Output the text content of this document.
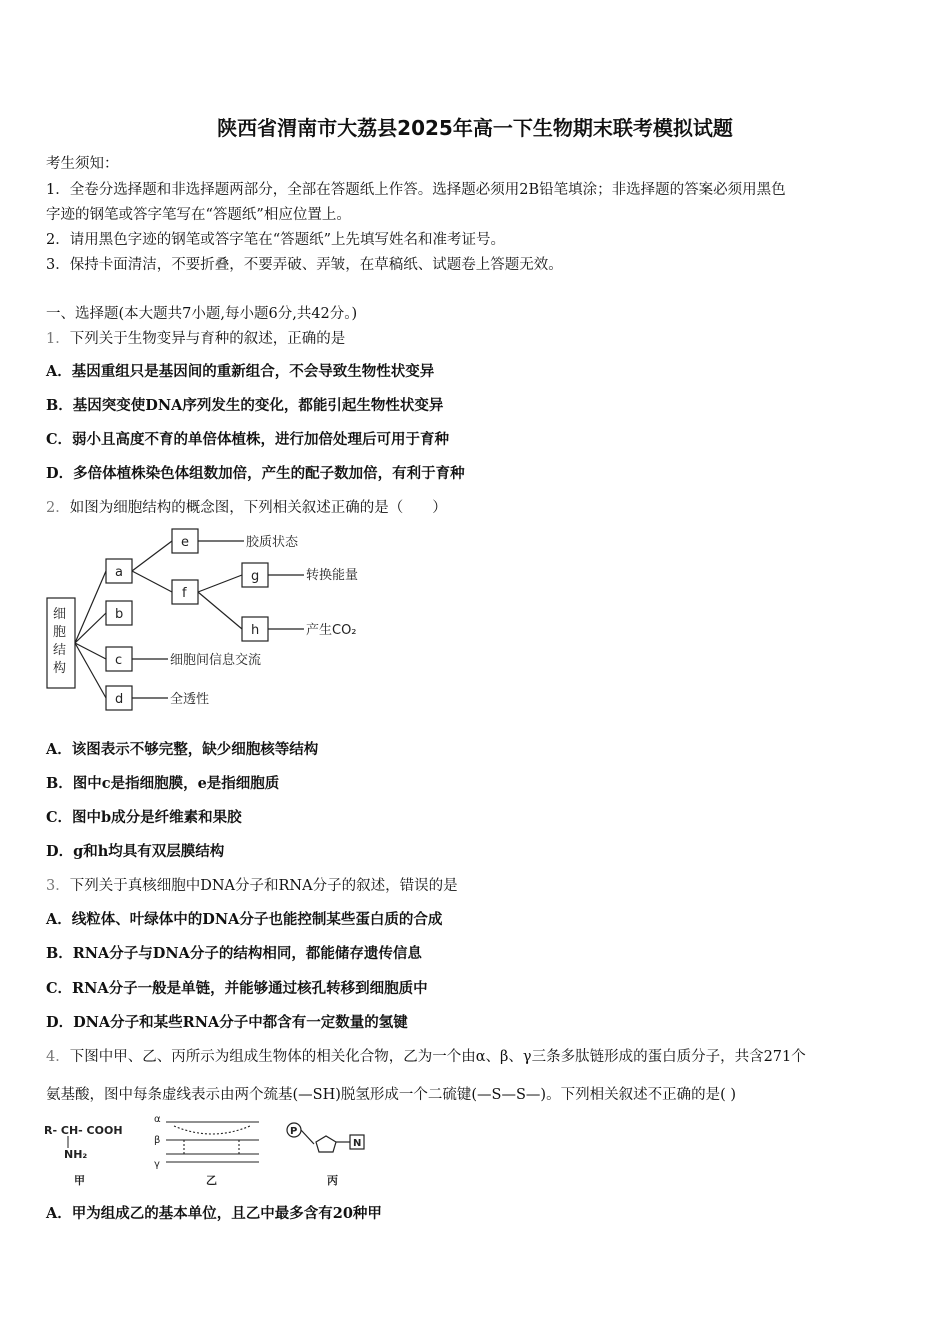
陕西省渭南市大荔县2025年高一下生物期末联考模拟试题
考生须知：
1．全卷分选择题和非选择题两部分，全部在答题纸上作答。选择题必须用2B铅笔填涂；非选择题的答案必须用黑色
字迹的钢笔或答字笔写在“答题纸”相应位置上。
2．请用黑色字迹的钢笔或答字笔在“答题纸”上先填写姓名和准考证号。
3．保持卡面清洁，不要折叠，不要弄破、弄皱，在草稿纸、试题卷上答题无效。
一、选择题(本大题共7小题,每小题6分,共42分。)
1．下列关于生物变异与育种的叙述，正确的是
A．基因重组只是基因间的重新组合，不会导致生物性状变异
B．基因突变使DNA序列发生的变化，都能引起生物性状变异
C．弱小且高度不育的单倍体植株，进行加倍处理后可用于育种
D．多倍体植株染色体组数加倍，产生的配子数加倍，有利于育种
2．如图为细胞结构的概念图，下列相关叙述正确的是（　　）
细
胞
结
构
a
b
c
d
e
f
g
h
胶质状态
转换能量
产生CO₂
细胞间信息交流
全透性
A．该图表示不够完整，缺少细胞核等结构
B．图中c是指细胞膜，e是指细胞质
C．图中b成分是纤维素和果胶
D．g和h均具有双层膜结构
3．下列关于真核细胞中DNA分子和RNA分子的叙述，错误的是
A．线粒体、叶绿体中的DNA分子也能控制某些蛋白质的合成
B．RNA分子与DNA分子的结构相同，都能储存遗传信息
C．RNA分子一般是单链，并能够通过核孔转移到细胞质中
D．DNA分子和某些RNA分子中都含有一定数量的氢键
4．下图中甲、乙、丙所示为组成生物体的相关化合物，乙为一个由α、β、γ三条多肽链形成的蛋白质分子，共含271个
氨基酸，图中每条虚线表示由两个巯基(—SH)脱氢形成一个二硫键(—S—S—)。下列相关叙述不正确的是( )
R- CH- COOH
NH₂
甲
α
β
γ
乙
P
N
丙
A．甲为组成乙的基本单位，且乙中最多含有20种甲
